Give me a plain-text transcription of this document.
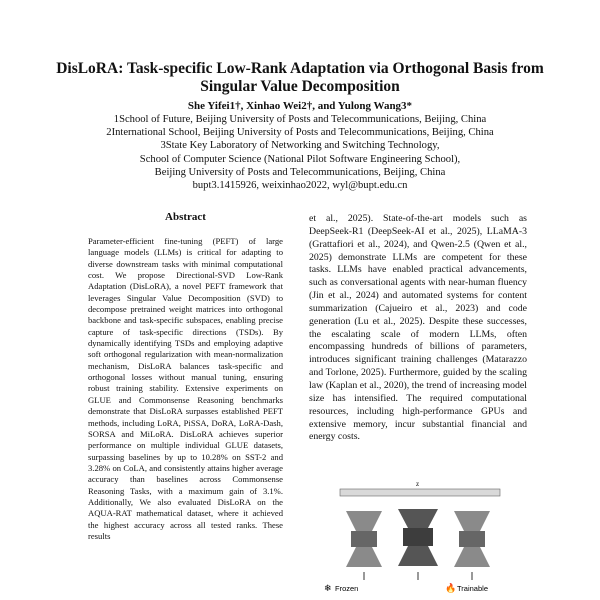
DisLoRA: Task-specific Low-Rank Adaptation via Orthogonal Basis from
Singular Value Decomposition
She Yifei1†, Xinhao Wei2†, and Yulong Wang3*
1School of Future, Beijing University of Posts and Telecommunications, Beijing, China
2International School, Beijing University of Posts and Telecommunications, Beijing, China
3State Key Laboratory of Networking and Switching Technology,
School of Computer Science (National Pilot Software Engineering School),
Beijing University of Posts and Telecommunications, Beijing, China
bupt3.1415926, weixinhao2022, wyl@bupt.edu.cn
Abstract
Parameter-efficient fine-tuning (PEFT) of large language models (LLMs) is critical for adapting to diverse downstream tasks with minimal computational cost. We propose Directional-SVD Low-Rank Adaptation (DisLoRA), a novel PEFT framework that leverages Singular Value Decomposition (SVD) to decompose pretrained weight matrices into orthogonal backbone and task-specific subspaces, enabling precise capture of task-specific directions (TSDs). By dynamically identifying TSDs and employing adaptive soft orthogonal regularization with mean-normalization mechanism, DisLoRA balances task-specific and orthogonal losses without manual tuning, ensuring robust training stability. Extensive experiments on GLUE and Commonsense Reasoning benchmarks demonstrate that DisLoRA surpasses established PEFT methods, including LoRA, PiSSA, DoRA, LoRA-Dash, SORSA and MiLoRA. DisLoRA achieves superior performance on multiple individual GLUE datasets, surpassing baselines by up to 10.28% on SST-2 and 3.28% on CoLA, and consistently attains higher average accuracy than baselines across Commonsense Reasoning Tasks, with a maximum gain of 3.1%. Additionally, We also evaluated DisLoRA on the AQUA-RAT mathematical dataset, where it achieved the highest accuracy across all tested ranks. These results
et al., 2025). State-of-the-art models such as DeepSeek-R1 (DeepSeek-AI et al., 2025), LLaMA-3 (Grattafiori et al., 2024), and Qwen-2.5 (Qwen et al., 2025) demonstrate LLMs are competent for these tasks. LLMs have enabled practical advancements, such as conversational agents with near-human fluency (Jin et al., 2024) and automated systems for content summarization (Cajueiro et al., 2023) and code generation (Lu et al., 2025). Despite these successes, the escalating scale of modern LLMs, often encompassing hundreds of billions of parameters, introduces significant training challenges (Matarazzo and Torlone, 2025). Furthermore, guided by the scaling law (Kaplan et al., 2020), the trend of increasing model size has intensified. The required computational resources, including high-performance GPUs and extensive memory, incur substantial financial and energy costs.
z
❄ Frozen	🔥 Trainable
